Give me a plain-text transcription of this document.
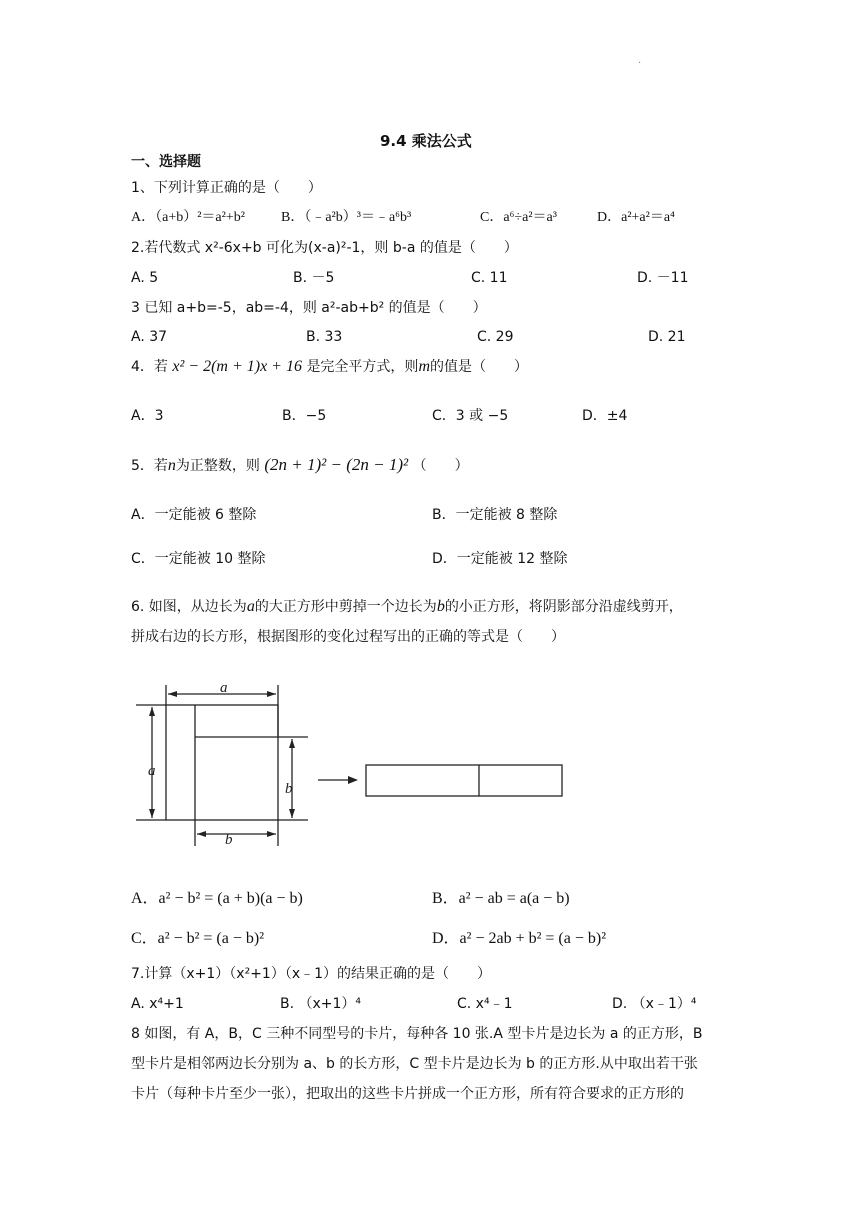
·
9.4 乘法公式
一、选择题
1、下列计算正确的是（　　）
A．（a+b）²＝a²+b²	B．（﹣a²b）³＝﹣a⁶b³	C．a⁶÷a²＝a³	D．a²+a²＝a⁴
2.若代数式 x²-6x+b 可化为(x-a)²-1，则 b-a 的值是（　　）
A. 5	B. －5	C. 11	D. －11
3 已知 a+b=-5，ab=-4，则 a²-ab+b² 的值是（　　）
A. 37	B. 33	C. 29	D. 21
4．若 x² − 2(m + 1)x + 16 是完全平方式，则m的值是（　　）
A．3	B．−5	C．3 或 −5	D．±4
5．若n为正整数，则 (2n + 1)² − (2n − 1)² （　　）
A．一定能被 6 整除	B．一定能被 8 整除
C．一定能被 10 整除	D．一定能被 12 整除
6. 如图，从边长为a的大正方形中剪掉一个边长为b的小正方形，将阴影部分沿虚线剪开，
拼成右边的长方形，根据图形的变化过程写出的正确的等式是（　　）
a
a
b
b
A．a² − b² = (a + b)(a − b)	B．a² − ab = a(a − b)
C．a² − b² = (a − b)²	D．a² − 2ab + b² = (a − b)²
7.计算（x+1）（x²+1）（x﹣1）的结果正确的是（　　）
A. x⁴+1	B. （x+1）⁴	C. x⁴﹣1	D. （x﹣1）⁴
8 如图，有 A，B，C 三种不同型号的卡片，每种各 10 张.A 型卡片是边长为 a 的正方形，B
型卡片是相邻两边长分别为 a、b 的长方形，C 型卡片是边长为 b 的正方形.从中取出若干张
卡片（每种卡片至少一张），把取出的这些卡片拼成一个正方形，所有符合要求的正方形的
